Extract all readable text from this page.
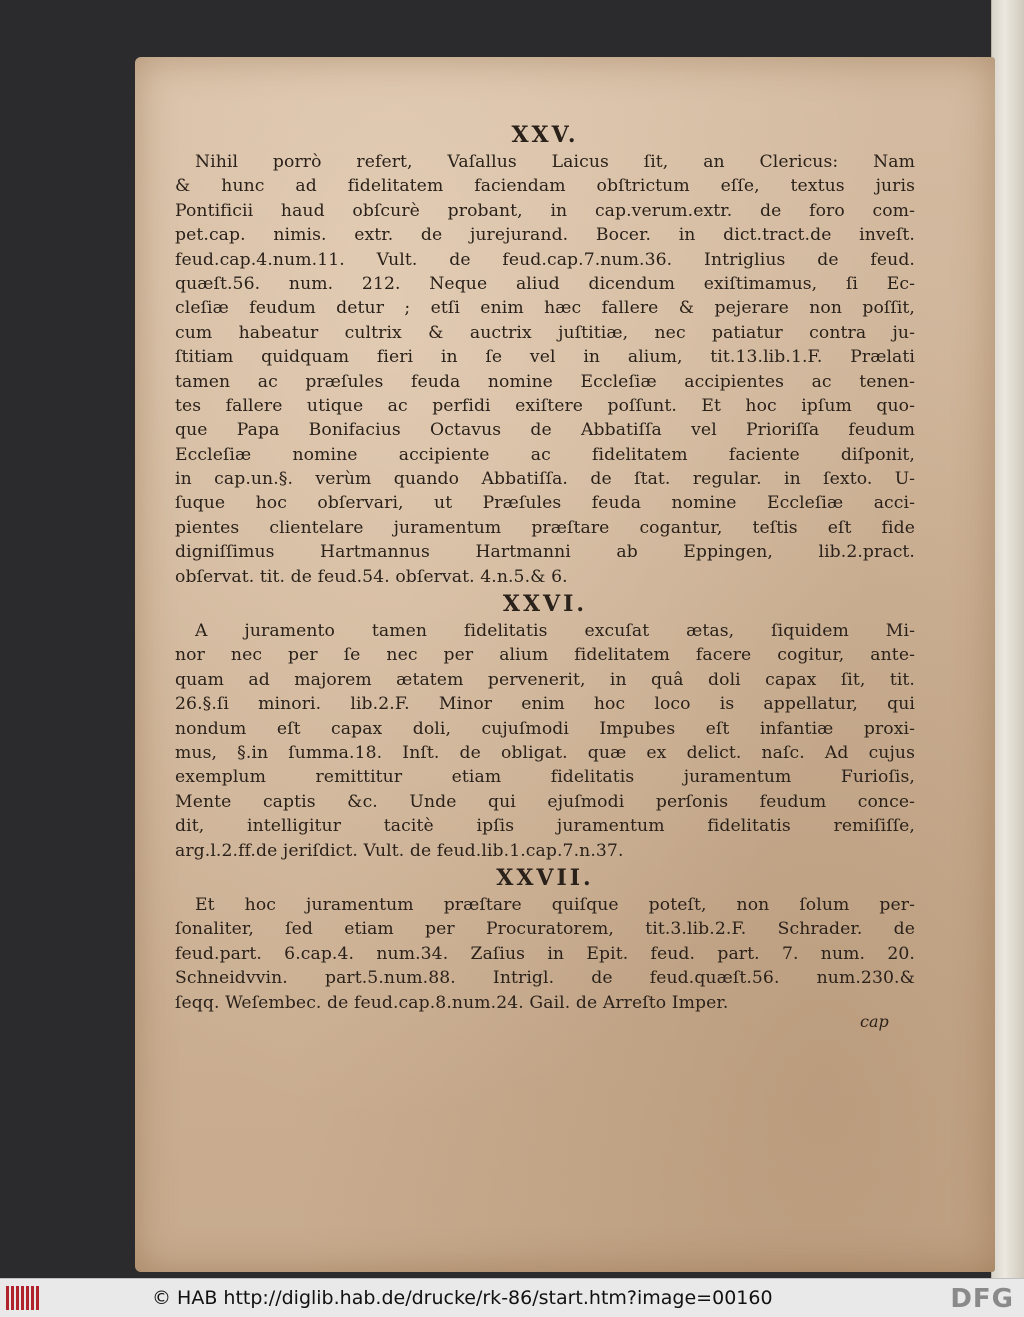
XXV.
Nihil porrò refert, Vaſallus Laicus ſit, an Clericus: Nam
& hunc ad fidelitatem faciendam obſtrictum eſſe, textus juris
Pontificii haud obſcurè probant, in cap.verum.extr. de foro com-
pet.cap. nimis. extr. de jurejurand. Bocer. in dict.tract.de inveſt.
feud.cap.4.num.11. Vult. de feud.cap.7.num.36. Intriglius de feud.
quæſt.56. num. 212. Neque aliud dicendum exiſtimamus, ſi Ec-
cleſiæ feudum detur ; etſi enim hæc fallere & pejerare non poſſit,
cum habeatur cultrix & auctrix juſtitiæ, nec patiatur contra ju-
ſtitiam quidquam fieri in ſe vel in alium, tit.13.lib.1.F. Prælati
tamen ac præſules feuda nomine Eccleſiæ accipientes ac tenen-
tes fallere utique ac perfidi exiſtere poſſunt. Et hoc ipſum quo-
que Papa Bonifacius Octavus de Abbatiſſa vel Prioriſſa feudum
Eccleſiæ nomine accipiente ac fidelitatem faciente diſponit,
in cap.un.§. verùm quando Abbatiſſa. de ſtat. regular. in ſexto. U-
ſuque hoc obſervari, ut Præſules feuda nomine Eccleſiæ acci-
pientes clientelare juramentum præſtare cogantur, teſtis eſt fide
digniſſimus Hartmannus Hartmanni ab Eppingen, lib.2.pract.
obſervat. tit. de feud.54. obſervat. 4.n.5.& 6.
XXVI.
A juramento tamen fidelitatis excuſat ætas, ſiquidem Mi-
nor nec per ſe nec per alium fidelitatem facere cogitur, ante-
quam ad majorem ætatem pervenerit, in quâ doli capax ſit, tit.
26.§.ſi minori. lib.2.F. Minor enim hoc loco is appellatur, qui
nondum eſt capax doli, cujuſmodi Impubes eſt infantiæ proxi-
mus, §.in ſumma.18. Inſt. de obligat. quæ ex delict. naſc. Ad cujus
exemplum remittitur etiam fidelitatis juramentum Furioſis,
Mente captis &c. Unde qui ejuſmodi perſonis feudum conce-
dit, intelligitur tacitè ipſis juramentum fidelitatis remiſiſſe,
arg.l.2.ff.de jeriſdict. Vult. de feud.lib.1.cap.7.n.37.
XXVII.
Et hoc juramentum præſtare quiſque poteſt, non ſolum per-
ſonaliter, ſed etiam per Procuratorem, tit.3.lib.2.F. Schrader. de
feud.part. 6.cap.4. num.34. Zaſius in Epit. feud. part. 7. num. 20.
Schneidvvin. part.5.num.88. Intrigl. de feud.quæſt.56. num.230.&
ſeqq. Weſembec. de feud.cap.8.num.24. Gail. de Arreſto Imper.
cap
© HAB http://diglib.hab.de/drucke/rk-86/start.htm?image=00160	DFG
